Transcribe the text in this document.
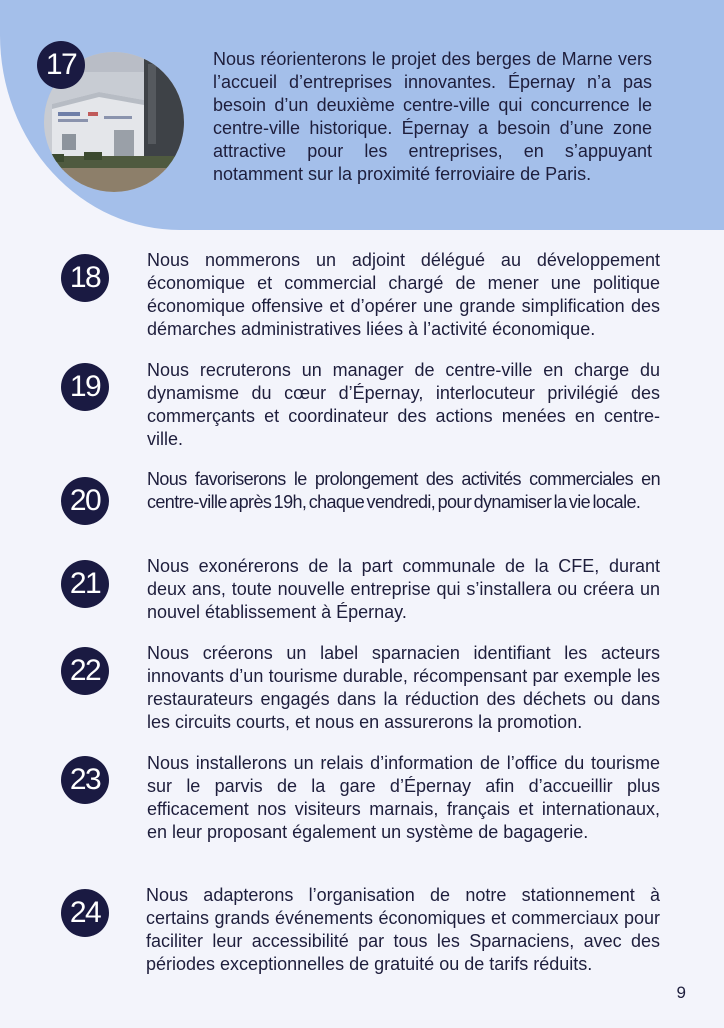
17	Nous réorienterons le projet des berges de Marne vers l’accueil d’entreprises innovantes. Épernay n’a pas besoin d’un deuxième centre-ville qui concurrence le centre-ville historique. Épernay a besoin d’une zone attractive pour les entreprises, en s’appuyant notamment sur la proximité ferroviaire de Paris.

18

Nous nommerons un adjoint délégué au développement économique et commercial chargé de mener une politique économique offensive et d’opérer une grande simplification des démarches administratives liées à l’activité économique.

19	Nous recruterons un manager de centre-ville en charge du dynamisme du cœur d’Épernay, interlocuteur privilégié des commerçants et coordinateur des actions menées en centre-ville.

20

Nous favoriserons le prolongement des activités commerciales en centre-ville après 19h, chaque vendredi, pour dynamiser la vie locale.

21

Nous exonérerons de la part communale de la CFE, durant deux ans, toute nouvelle entreprise qui s’installera ou créera un nouvel établissement à Épernay.

22

Nous créerons un label sparnacien identifiant les acteurs innovants d’un tourisme durable, récompensant par exemple les restaurateurs engagés dans la réduction des déchets ou dans les circuits courts, et nous en assurerons la promotion.

23	Nous installerons un relais d’information de l’office du tourisme sur le parvis de la gare d’Épernay afin d’accueillir plus efficacement nos visiteurs marnais, français et internationaux, en leur proposant également un système de bagagerie.

24

Nous adapterons l’organisation de notre stationnement à certains grands événements économiques et commerciaux pour faciliter leur accessibilité par tous les Sparnaciens, avec des périodes exceptionnelles de gratuité ou de tarifs réduits.

9
